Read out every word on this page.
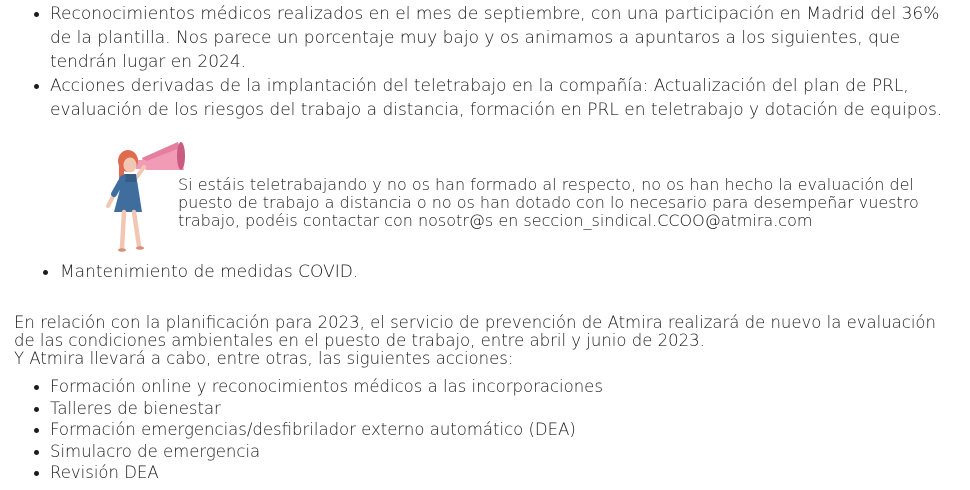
Reconocimientos médicos realizados en el mes de septiembre, con una participación en Madrid del 36% de la plantilla. Nos parece un porcentaje muy bajo y os animamos a apuntaros a los siguientes, que tendrán lugar en 2024.
Acciones derivadas de la implantación del teletrabajo en la compañía: Actualización del plan de PRL, evaluación de los riesgos del trabajo a distancia, formación en PRL en teletrabajo y dotación de equipos.
Si estáis teletrabajando y no os han formado al respecto, no os han hecho la evaluación del puesto de trabajo a distancia o no os han dotado con lo necesario para desempeñar vuestro trabajo, podéis contactar con nosotr@s en seccion_sindical.CCOO@atmira.com
Mantenimiento de medidas COVID.
En relación con la planificación para 2023, el servicio de prevención de Atmira realizará de nuevo la evaluación de las condiciones ambientales en el puesto de trabajo, entre abril y junio de 2023.
Y Atmira llevará a cabo, entre otras, las siguientes acciones:
Formación online y reconocimientos médicos a las incorporaciones
Talleres de bienestar
Formación emergencias/desfibrilador externo automático (DEA)
Simulacro de emergencia
Revisión DEA
